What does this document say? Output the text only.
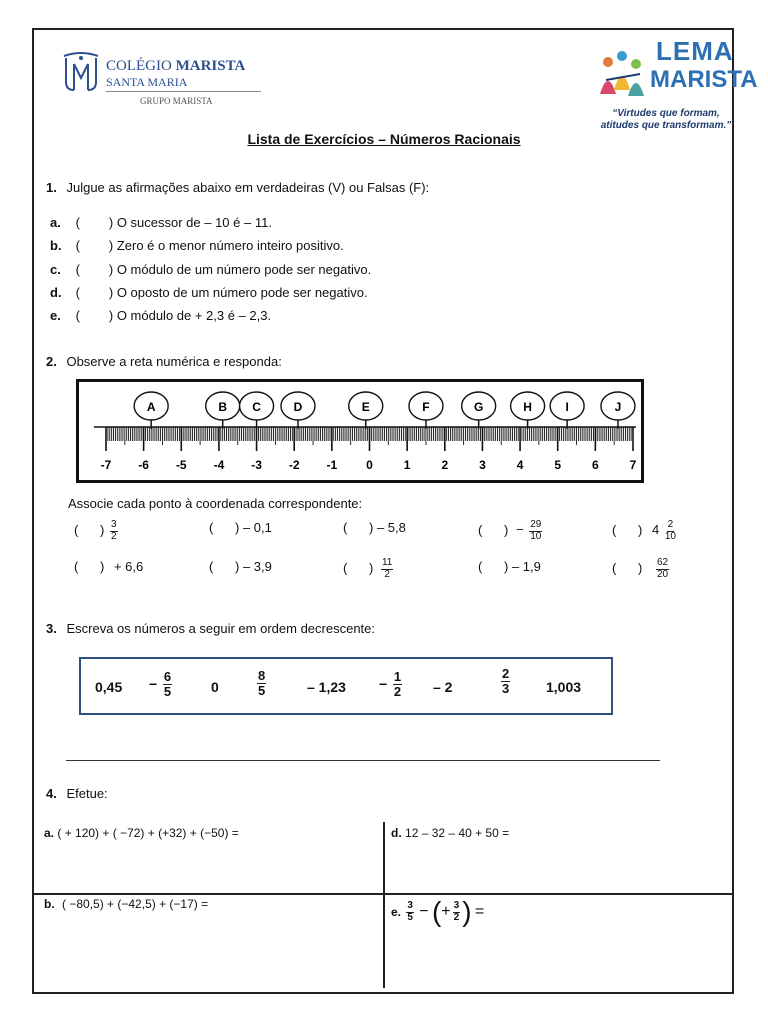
COLÉGIO MARISTA
SANTA MARIA
GRUPO MARISTA
LEMA
MARISTA
“Virtudes que formam,
atitudes que transformam.”
Lista de Exercícios – Números Racionais
1. Julgue as afirmações abaixo em verdadeiras (V) ou Falsas (F):
a. (        ) O sucessor de – 10 é – 11.
b. (        ) Zero é o menor número inteiro positivo.
c. (        ) O módulo de um número pode ser negativo.
d. (        ) O oposto de um número pode ser negativo.
e. (        ) O módulo de + 2,3 é – 2,3.
2. Observe a reta numérica e responda:
A	B C	D	E	F	G	H	I	J
-7 -6 -5 -4 -3 -2 -1 0	1	2	3	4	5	6	7
Associe cada ponto à coordenada correspondente:
(      ) $\frac{3}{2}$	(      ) – 0,1	(      ) – 5,8	(      ) − $\frac{29}{10}$	(      ) $4 \frac{2}{10}$
(      ) + 6,6	(      ) – 3,9	(      ) $\frac{11}{2}$	(      ) – 1,9	(      ) $\frac{62}{20}$
3. Escreva os números a seguir em ordem decrescente:
$0,45 - \frac{6}{5}$	0	$\frac{8}{5}$	– $1,23 - \frac{1}{2} - 2$	$\frac{2}{3}$	1,003
4. Efetue:
a. ( + 120) + ( −72) + (+32) + (−50) =	d. 12 – 32 – 40 + 50 =
b. ( −80,5) + (−42,5) + (−17) =
e. $\frac{3}{5}$ − (+ $\frac{3}{2}$ ) =
